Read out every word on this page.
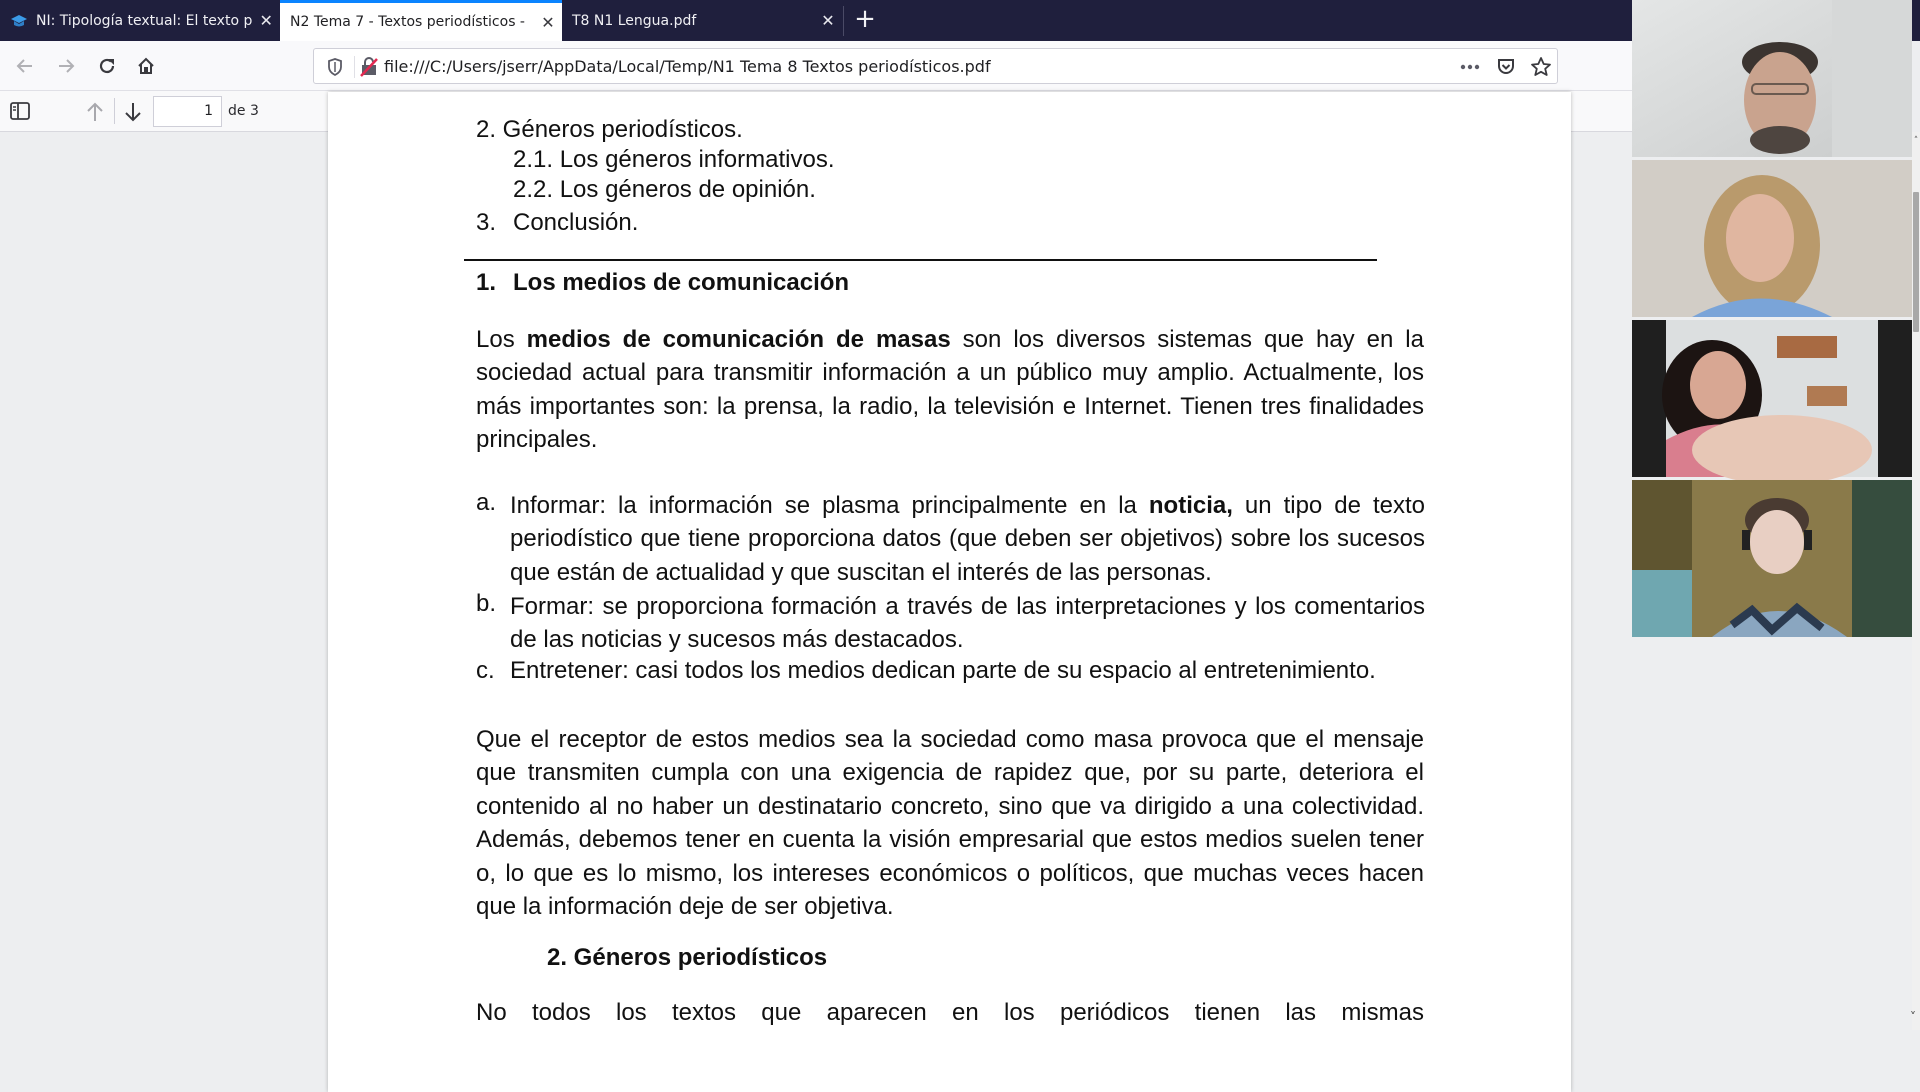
NI: Tipología textual: El texto p ✕	N2 Tema 7 - Textos periodísticos -	✕	T8 N1 Lengua.pdf	✕ +
file:///C:/Users/jserr/AppData/Local/Temp/N1 Tema 8 Textos periodísticos.pdf
1	de 3
2. Géneros periodísticos.
2.1. Los géneros informativos.
2.2. Los géneros de opinión.
3. Conclusión.
1. Los medios de comunicación
Los medios de comunicación de masas son los diversos sistemas que hay en la sociedad actual para transmitir información a un público muy amplio. Actualmente, los más importantes son: la prensa, la radio, la televisión e Internet. Tienen tres finalidades principales.
a. Informar: la información se plasma principalmente en la noticia, un tipo de texto periodístico que tiene proporciona datos (que deben ser objetivos) sobre los sucesos que están de actualidad y que suscitan el interés de las personas.
b. Formar: se proporciona formación a través de las interpretaciones y los comentarios de las noticias y sucesos más destacados.
c. Entretener: casi todos los medios dedican parte de su espacio al entretenimiento.
Que el receptor de estos medios sea la sociedad como masa provoca que el mensaje que transmiten cumpla con una exigencia de rapidez que, por su parte, deteriora el contenido al no haber un destinatario concreto, sino que va dirigido a una colectividad. Además, debemos tener en cuenta la visión empresarial que estos medios suelen tener o, lo que es lo mismo, los intereses económicos o políticos, que muchas veces hacen que la información deje de ser objetiva.
2. Géneros periodísticos
No todos los textos que aparecen en los periódicos tienen las mismas
˄
˅
